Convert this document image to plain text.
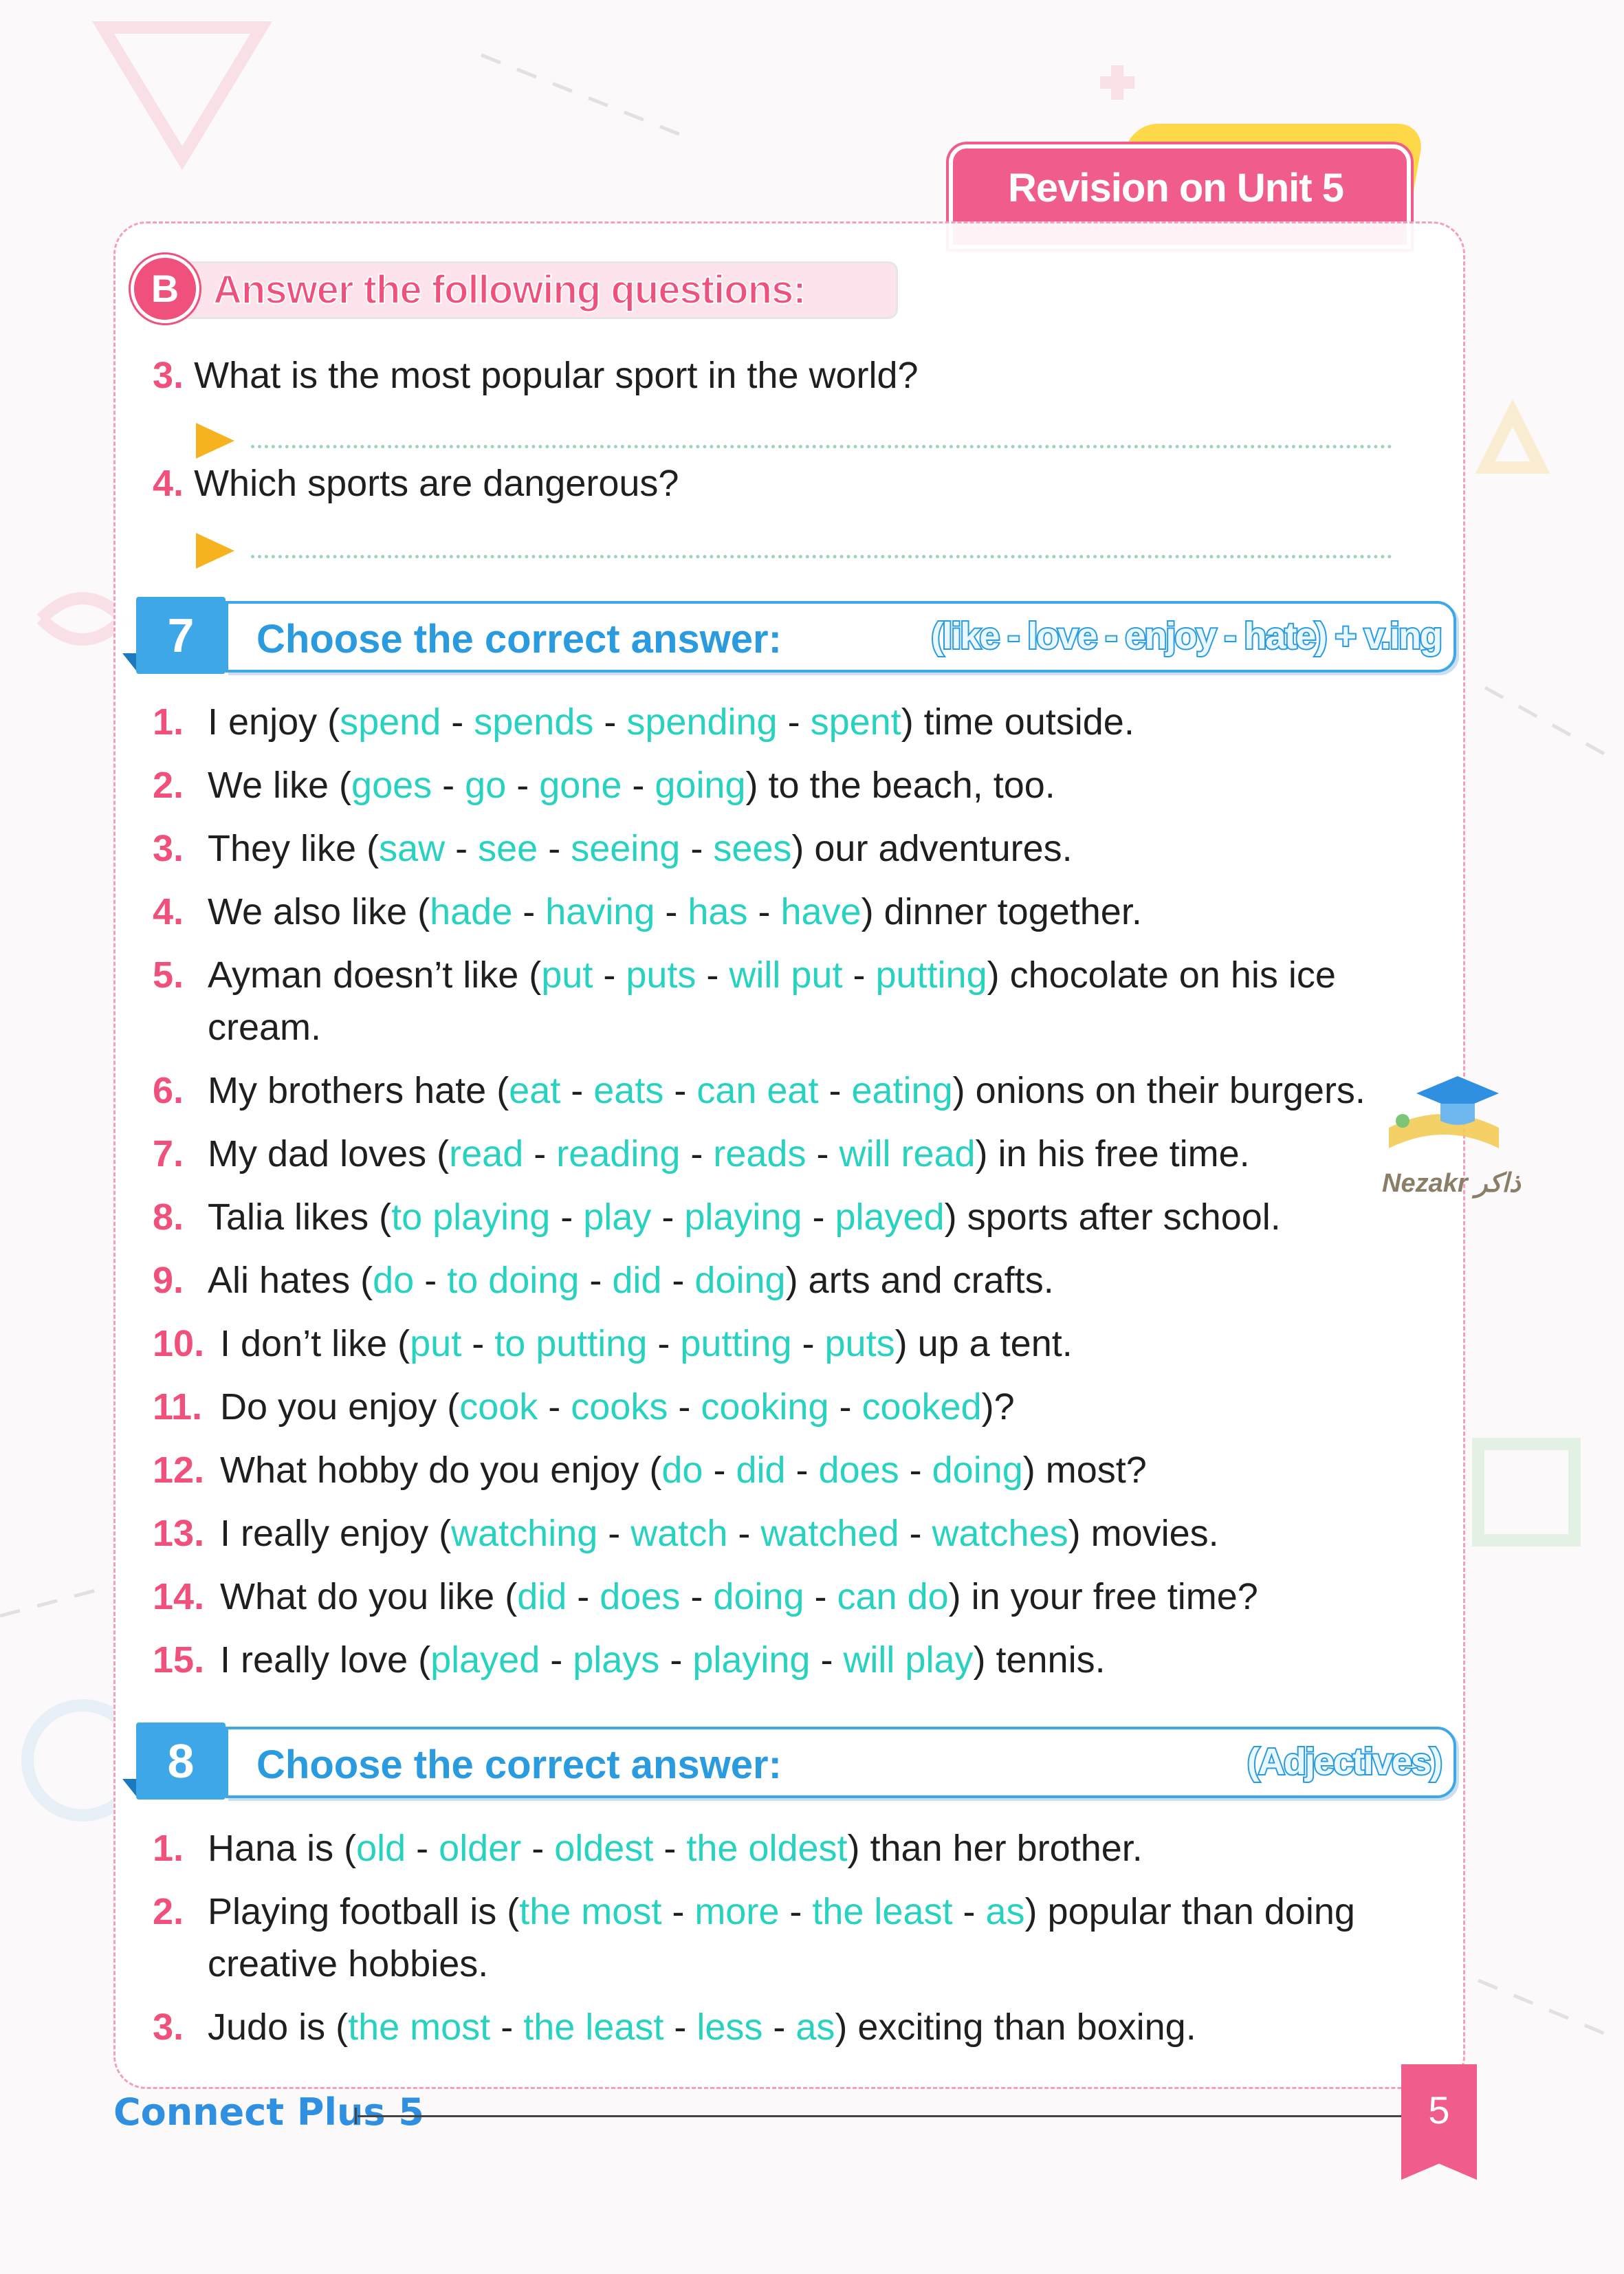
Revision on Unit 5
B Answer the following questions:
3. What is the most popular sport in the world?
4. Which sports are dangerous?
7	Choose the correct answer:	(like - love - enjoy - hate) + v.ing
1. I enjoy (spend - spends - spending - spent) time outside.
2. We like (goes - go - gone - going) to the beach, too.
3. They like (saw - see - seeing - sees) our adventures.
4. We also like (hade - having - has - have) dinner together.
5. Ayman doesn’t like (put - puts - will put - putting) chocolate on his ice cream.
6. My brothers hate (eat - eats - can eat - eating) onions on their burgers.
7. My dad loves (read - reading - reads - will read) in his free time.
8. Talia likes (to playing - play - playing - played) sports after school.
9. Ali hates (do - to doing - did - doing) arts and crafts.
10. I don’t like (put - to putting - putting - puts) up a tent.
11. Do you enjoy (cook - cooks - cooking - cooked)?
12. What hobby do you enjoy (do - did - does - doing) most?
13. I really enjoy (watching - watch - watched - watches) movies.
14. What do you like (did - does - doing - can do) in your free time?
15. I really love (played - plays - playing - will play) tennis.
8	Choose the correct answer:	(Adjectives)
1. Hana is (old - older - oldest - the oldest) than her brother.
2. Playing football is (the most - more - the least - as) popular than doing creative hobbies.
3. Judo is (the most - the least - less - as) exciting than boxing.
Nezakr ذاكر
Connect Plus 5	5
